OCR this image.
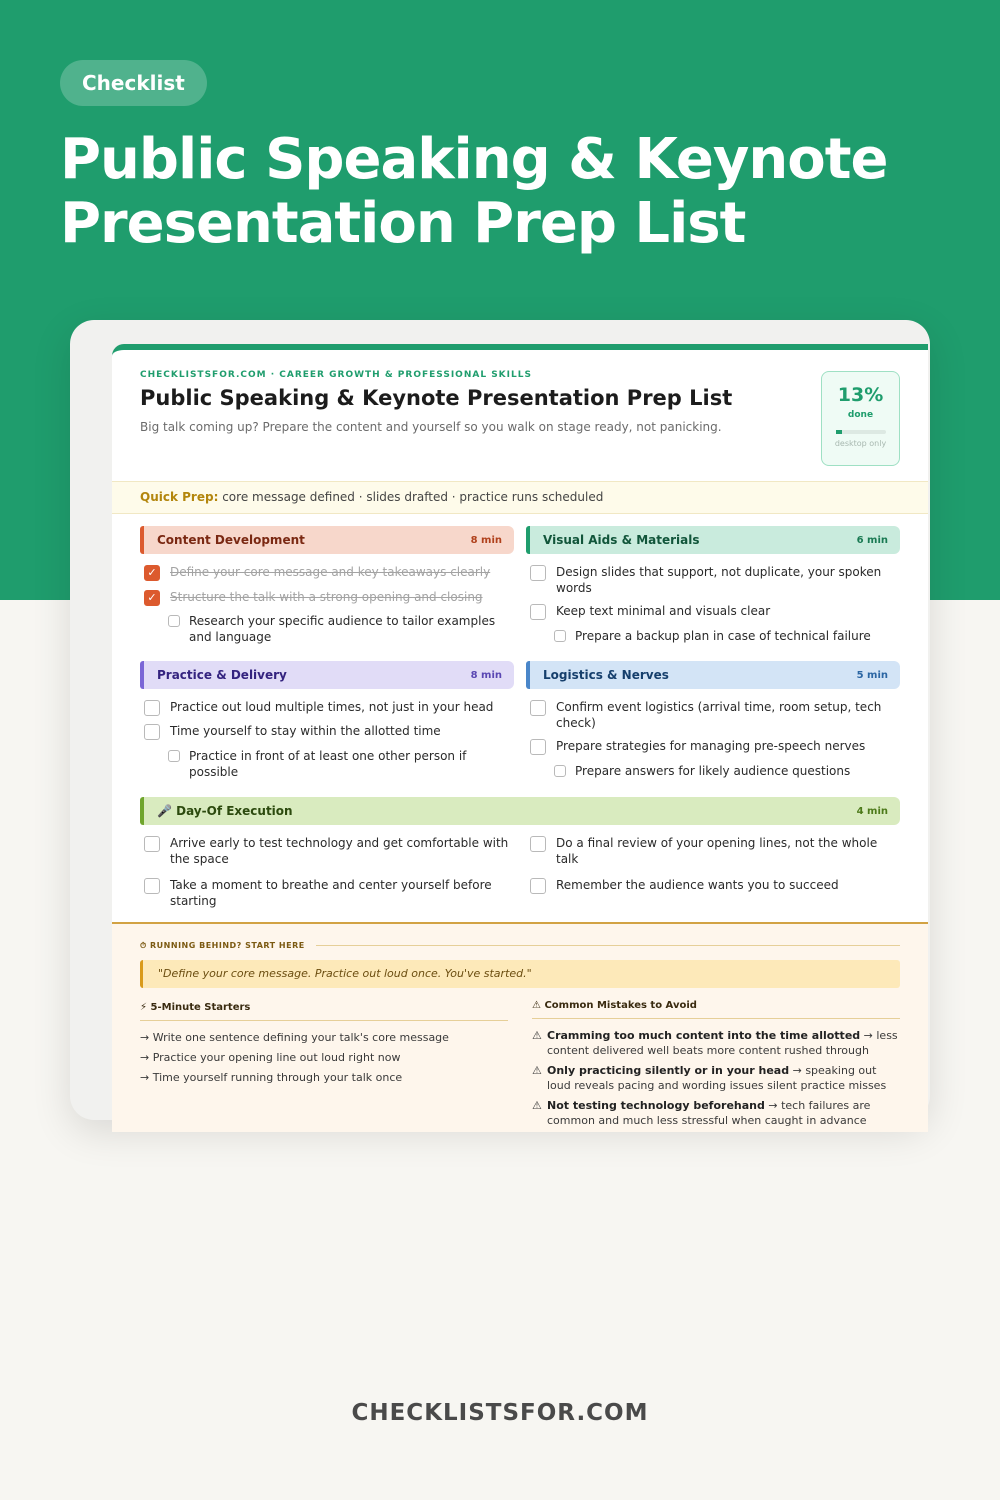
Checklist
Public Speaking & Keynote Presentation Prep List
CHECKLISTSFOR.COM · CAREER GROWTH & PROFESSIONAL SKILLS
Public Speaking & Keynote Presentation Prep List
Big talk coming up? Prepare the content and yourself so you walk on stage ready, not panicking.
13%
done
desktop only
Quick Prep: core message defined · slides drafted · practice runs scheduled
Content Development	8 min
✓ Define your core message and key takeaways clearly
✓ Structure the talk with a strong opening and closing
Research your specific audience to tailor examples and language
Visual Aids & Materials	6 min
Design slides that support, not duplicate, your spoken words
Keep text minimal and visuals clear
Prepare a backup plan in case of technical failure
Practice & Delivery	8 min
Practice out loud multiple times, not just in your head
Time yourself to stay within the allotted time
Practice in front of at least one other person if possible
Logistics & Nerves	5 min
Confirm event logistics (arrival time, room setup, tech check)
Prepare strategies for managing pre-speech nerves
Prepare answers for likely audience questions
🎤 Day-Of Execution	4 min
Arrive early to test technology and get comfortable with the space
Do a final review of your opening lines, not the whole talk
Take a moment to breathe and center yourself before starting
Remember the audience wants you to succeed
⏱ RUNNING BEHIND? START HERE
"Define your core message. Practice out loud once. You've started."
⚡ 5-Minute Starters
→ Write one sentence defining your talk's core message
→ Practice your opening line out loud right now
→ Time yourself running through your talk once
⚠ Common Mistakes to Avoid
⚠ Cramming too much content into the time allotted → less content delivered well beats more content rushed through
⚠ Only practicing silently or in your head → speaking out loud reveals pacing and wording issues silent practice misses
⚠ Not testing technology beforehand → tech failures are common and much less stressful when caught in advance
CHECKLISTSFOR.COM
